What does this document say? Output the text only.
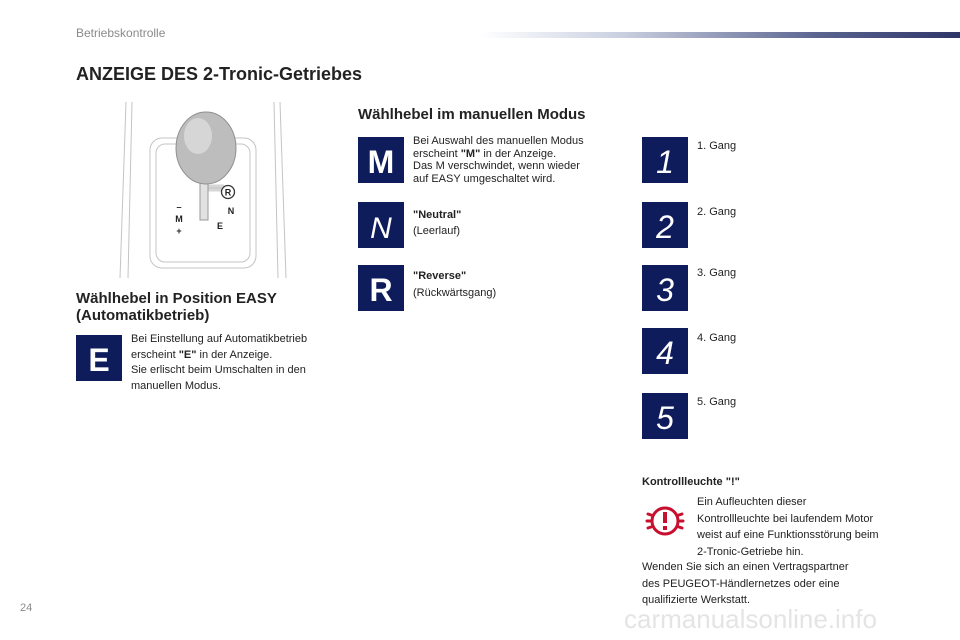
Betriebskontrolle
ANZEIGE DES 2-Tronic-Getriebes
R
N
–
M
+	E
Wählhebel in Position EASY
(Automatikbetrieb)
E
Bei Einstellung auf Automatikbetrieb
erscheint "E" in der Anzeige.
Sie erlischt beim Umschalten in den
manuellen Modus.
Wählhebel im manuellen Modus
M
Bei Auswahl des manuellen Modus
erscheint "M" in der Anzeige.
Das M verschwindet, wenn wieder
auf EASY umgeschaltet wird.
N "Neutral"
(Leerlauf)
R "Reverse"
(Rückwärtsgang)
1 1. Gang
2 2. Gang
3 3. Gang
4 4. Gang
5 5. Gang
Kontrollleuchte "!"
Ein Aufleuchten dieser
Kontrollleuchte bei laufendem Motor
weist auf eine Funktionsstörung beim
2-Tronic-Getriebe hin.
Wenden Sie sich an einen Vertragspartner
des PEUGEOT-Händlernetzes oder eine
qualifizierte Werkstatt.
24	carmanualsonline.info
